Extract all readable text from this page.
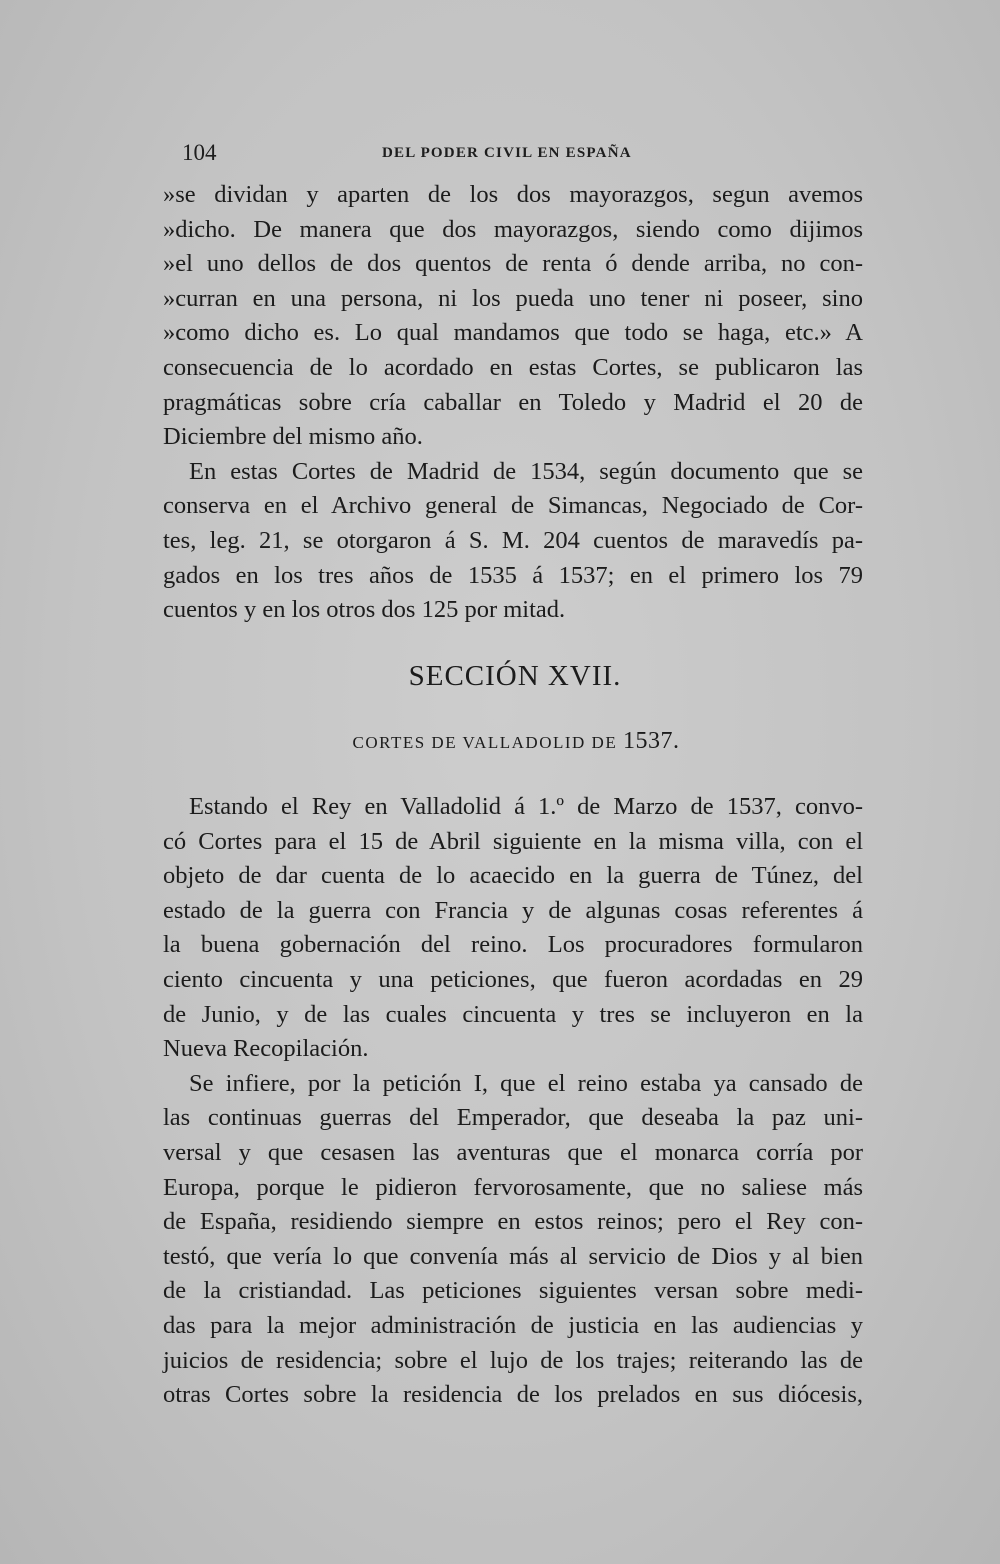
104	DEL PODER CIVIL EN ESPAÑA
»se dividan y aparten de los dos mayorazgos, segun avemos
»dicho. De manera que dos mayorazgos, siendo como dijimos
»el uno dellos de dos quentos de renta ó dende arriba, no con-
»curran en una persona, ni los pueda uno tener ni poseer, sino
»como dicho es. Lo qual mandamos que todo se haga, etc.» A
consecuencia de lo acordado en estas Cortes, se publicaron las
pragmáticas sobre cría caballar en Toledo y Madrid el 20 de
Diciembre del mismo año.
En estas Cortes de Madrid de 1534, según documento que se
conserva en el Archivo general de Simancas, Negociado de Cor-
tes, leg. 21, se otorgaron á S. M. 204 cuentos de maravedís pa-
gados en los tres años de 1535 á 1537; en el primero los 79
cuentos y en los otros dos 125 por mitad.
SECCIÓN XVII.
CORTES DE VALLADOLID DE 1537.
Estando el Rey en Valladolid á 1.º de Marzo de 1537, convo-
có Cortes para el 15 de Abril siguiente en la misma villa, con el
objeto de dar cuenta de lo acaecido en la guerra de Túnez, del
estado de la guerra con Francia y de algunas cosas referentes á
la buena gobernación del reino. Los procuradores formularon
ciento cincuenta y una peticiones, que fueron acordadas en 29
de Junio, y de las cuales cincuenta y tres se incluyeron en la
Nueva Recopilación.
Se infiere, por la petición I, que el reino estaba ya cansado de
las continuas guerras del Emperador, que deseaba la paz uni-
versal y que cesasen las aventuras que el monarca corría por
Europa, porque le pidieron fervorosamente, que no saliese más
de España, residiendo siempre en estos reinos; pero el Rey con-
testó, que vería lo que convenía más al servicio de Dios y al bien
de la cristiandad. Las peticiones siguientes versan sobre medi-
das para la mejor administración de justicia en las audiencias y
juicios de residencia; sobre el lujo de los trajes; reiterando las de
otras Cortes sobre la residencia de los prelados en sus diócesis,
